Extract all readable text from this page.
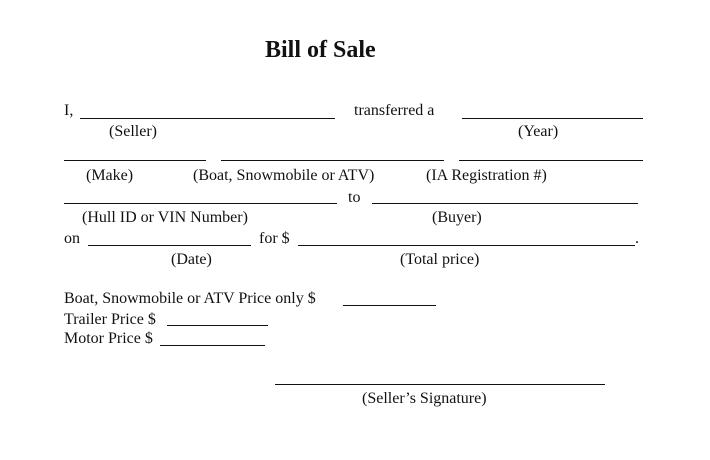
Bill of Sale
I,	transferred a
(Seller)	(Year)
(Make)	(Boat, Snowmobile or ATV)	(IA Registration #)
to
(Hull ID or VIN Number)	(Buyer)
on	for $	.
(Date)	(Total price)
Boat, Snowmobile or ATV Price only $
Trailer Price $
Motor Price $
(Seller’s Signature)
